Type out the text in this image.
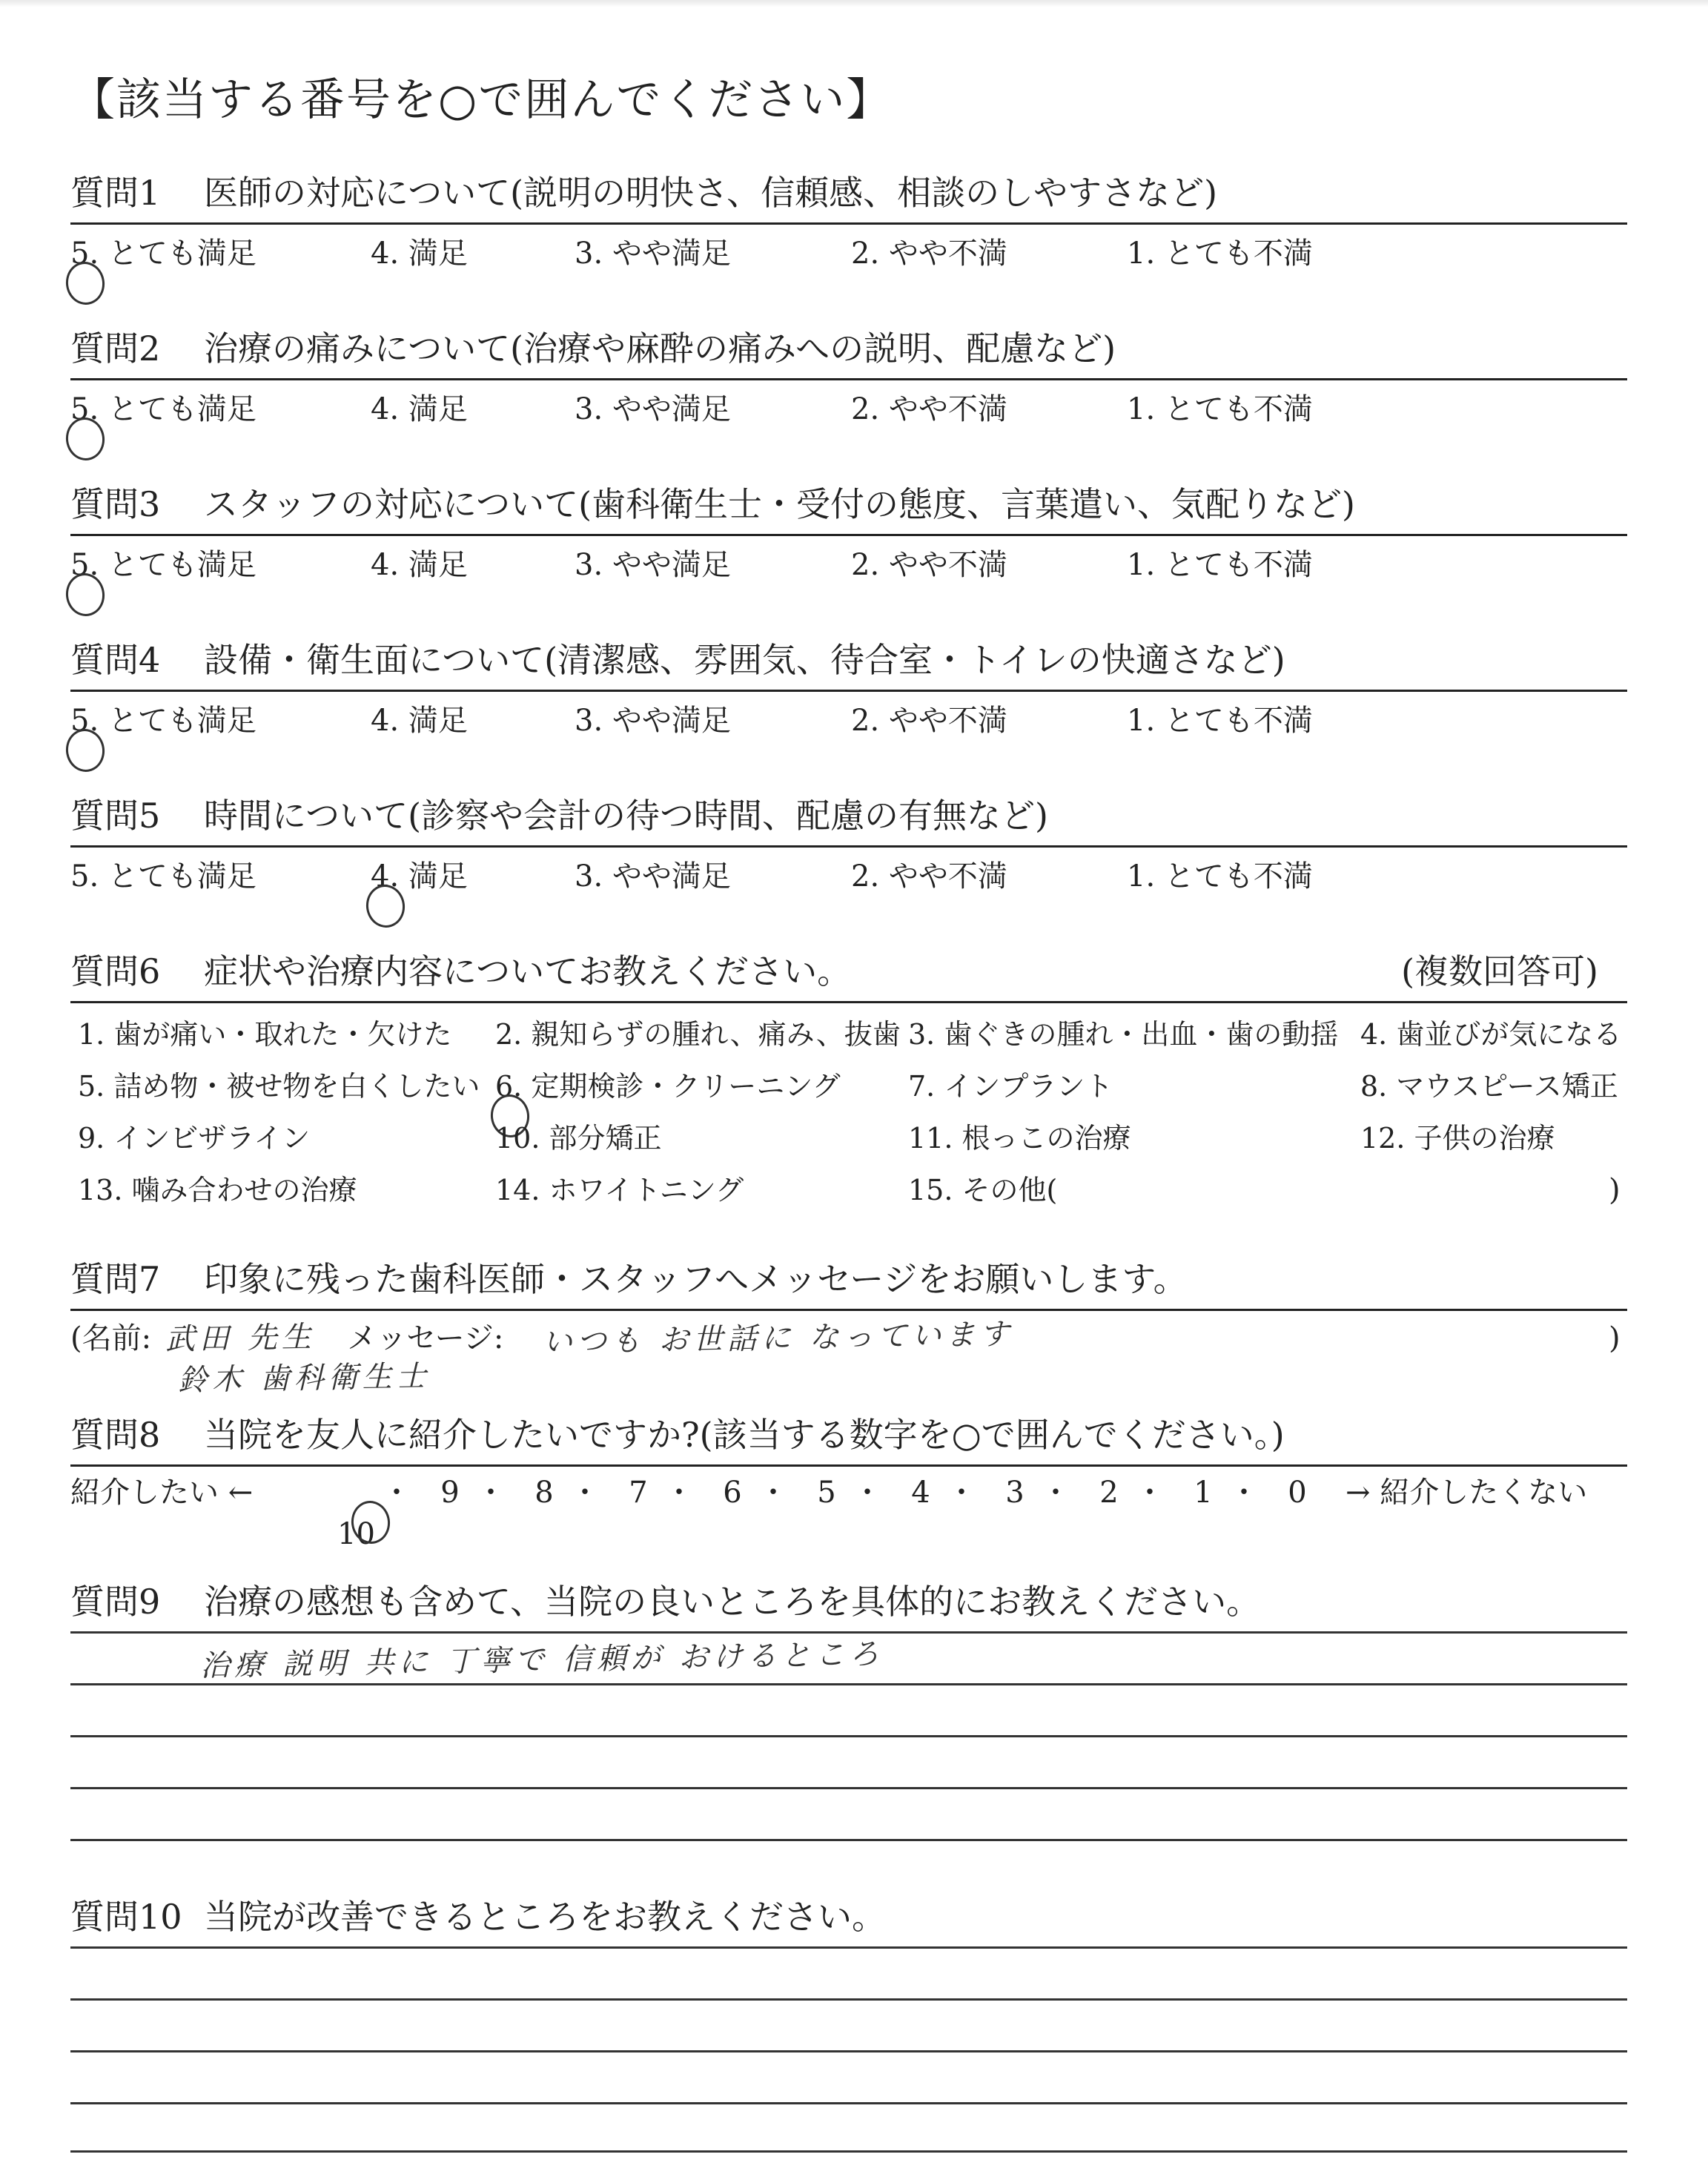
【該当する番号を○で囲んでください】
質問1 医師の対応について(説明の明快さ、信頼感、相談のしやすさなど)
5. とても満足	4. 満足	3. やや満足	2. やや不満	1. とても不満
質問2 治療の痛みについて(治療や麻酔の痛みへの説明、配慮など)
5. とても満足	4. 満足	3. やや満足	2. やや不満	1. とても不満
質問3 スタッフの対応について(歯科衛生士・受付の態度、言葉遣い、気配りなど)
5. とても満足	4. 満足	3. やや満足	2. やや不満	1. とても不満
質問4 設備・衛生面について(清潔感、雰囲気、待合室・トイレの快適さなど)
5. とても満足	4. 満足	3. やや満足	2. やや不満	1. とても不満
質問5 時間について(診察や会計の待つ時間、配慮の有無など)
5. とても満足	4. 満足	3. やや満足	2. やや不満	1. とても不満
質問6 症状や治療内容についてお教えください。	(複数回答可)
1. 歯が痛い・取れた・欠けた 2. 親知らずの腫れ、痛み、抜歯 3. 歯ぐきの腫れ・出血・歯の動揺 4. 歯並びが気になる
5. 詰め物・被せ物を白くしたい 6. 定期検診・クリーニング 7. インプラント	8. マウスピース矯正
9. インビザライン	10. 部分矯正	11. 根っこの治療	12. 子供の治療
13. 噛み合わせの治療	14. ホワイトニング	15. その他(	)
質問7 印象に残った歯科医師・スタッフへメッセージをお願いします。
(名前: 武田 先生 メッセージ: いつも お世話に なっています	)
鈴木 歯科衛生士
質問8 当院を友人に紹介したいですか?(該当する数字を○で囲んでください。)
紹介したい ←	→ 紹介したくない
質問9 治療の感想も含めて、当院の良いところを具体的にお教えください。
治療 説明 共に 丁寧で 信頼が おけるところ
質問10 当院が改善できるところをお教えください。
10
・ 9 ・ 8 ・ 7 ・ 6 ・ 5 ・ 4 ・ 3 ・ 2 ・ 1 ・ 0
